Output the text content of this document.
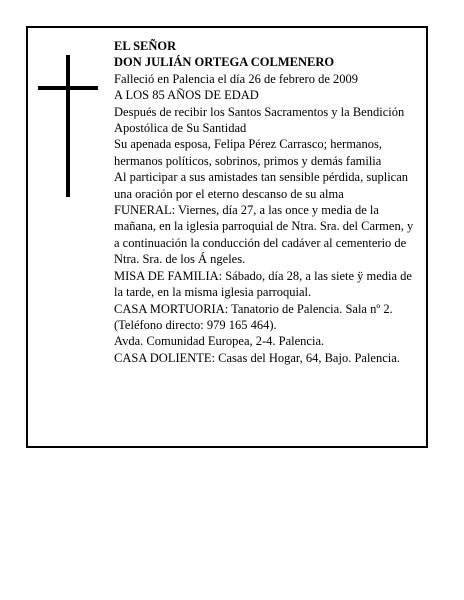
EL SEÑOR

DON JULIÁN ORTEGA COLMENERO

Falleció en Palencia el día 26 de febrero de 2009

A LOS 85 AÑOS DE EDAD

Después de recibir los Santos Sacramentos y la Bendición Apostólica de Su Santidad

Su apenada esposa, Felipa Pérez Carrasco; hermanos, hermanos políticos, sobrinos, primos y demás familia

Al participar a sus amistades tan sensible pérdida, suplican una oración por el eterno descanso de su alma

FUNERAL: Viernes, día 27, a las once y media de la mañana, en la iglesia parroquial de Ntra. Sra. del Carmen, y a continuación la conducción del cadáver al cementerio de Ntra. Sra. de los Á ngeles.

MISA DE FAMILIA: Sábado, día 28, a las siete ÿ media de la tarde, en la misma iglesia parroquial.

CASA MORTUORIA: Tanatorio de Palencia. Sala nº 2. (Teléfono directo: 979 165 464).

Avda. Comunidad Europea, 2-4. Palencia.

CASA DOLIENTE: Casas del Hogar, 64, Bajo. Palencia.
